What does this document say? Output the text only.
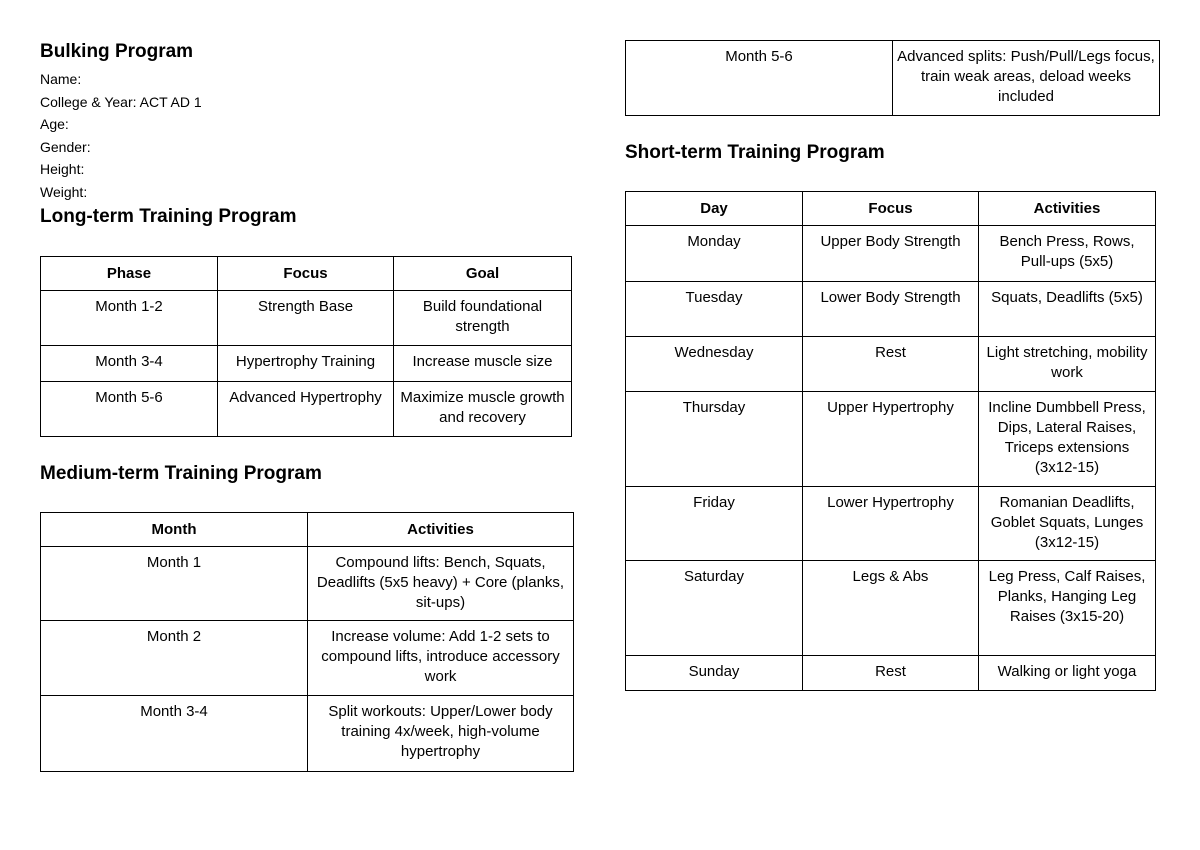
Bulking Program
Name:
College & Year: ACT AD 1
Age:
Gender:
Height:
Weight:
Long-term Training Program
Phase	Focus	Goal
Month 1-2	Strength Base	Build foundational strength
Month 3-4	Hypertrophy Training	Increase muscle size
Month 5-6	Advanced Hypertrophy	Maximize muscle growth and recovery
Medium-term Training Program
Month	Activities
Month 1	Compound lifts: Bench, Squats, Deadlifts (5x5 heavy) + Core (planks, sit-ups)
Month 2	Increase volume: Add 1-2 sets to compound lifts, introduce accessory work
Month 3-4	Split workouts: Upper/Lower body training 4x/week, high-volume hypertrophy
Month 5-6	Advanced splits: Push/Pull/Legs focus, train weak areas, deload weeks included
Short-term Training Program
Day	Focus	Activities
Monday	Upper Body Strength	Bench Press, Rows, Pull-ups (5x5)
Tuesday	Lower Body Strength	Squats, Deadlifts (5x5)
Wednesday	Rest	Light stretching, mobility work
Thursday	Upper Hypertrophy	Incline Dumbbell Press, Dips, Lateral Raises, Triceps extensions (3x12-15)
Friday	Lower Hypertrophy	Romanian Deadlifts, Goblet Squats, Lunges (3x12-15)
Saturday	Legs & Abs	Leg Press, Calf Raises, Planks, Hanging Leg Raises (3x15-20)
Sunday	Rest	Walking or light yoga
